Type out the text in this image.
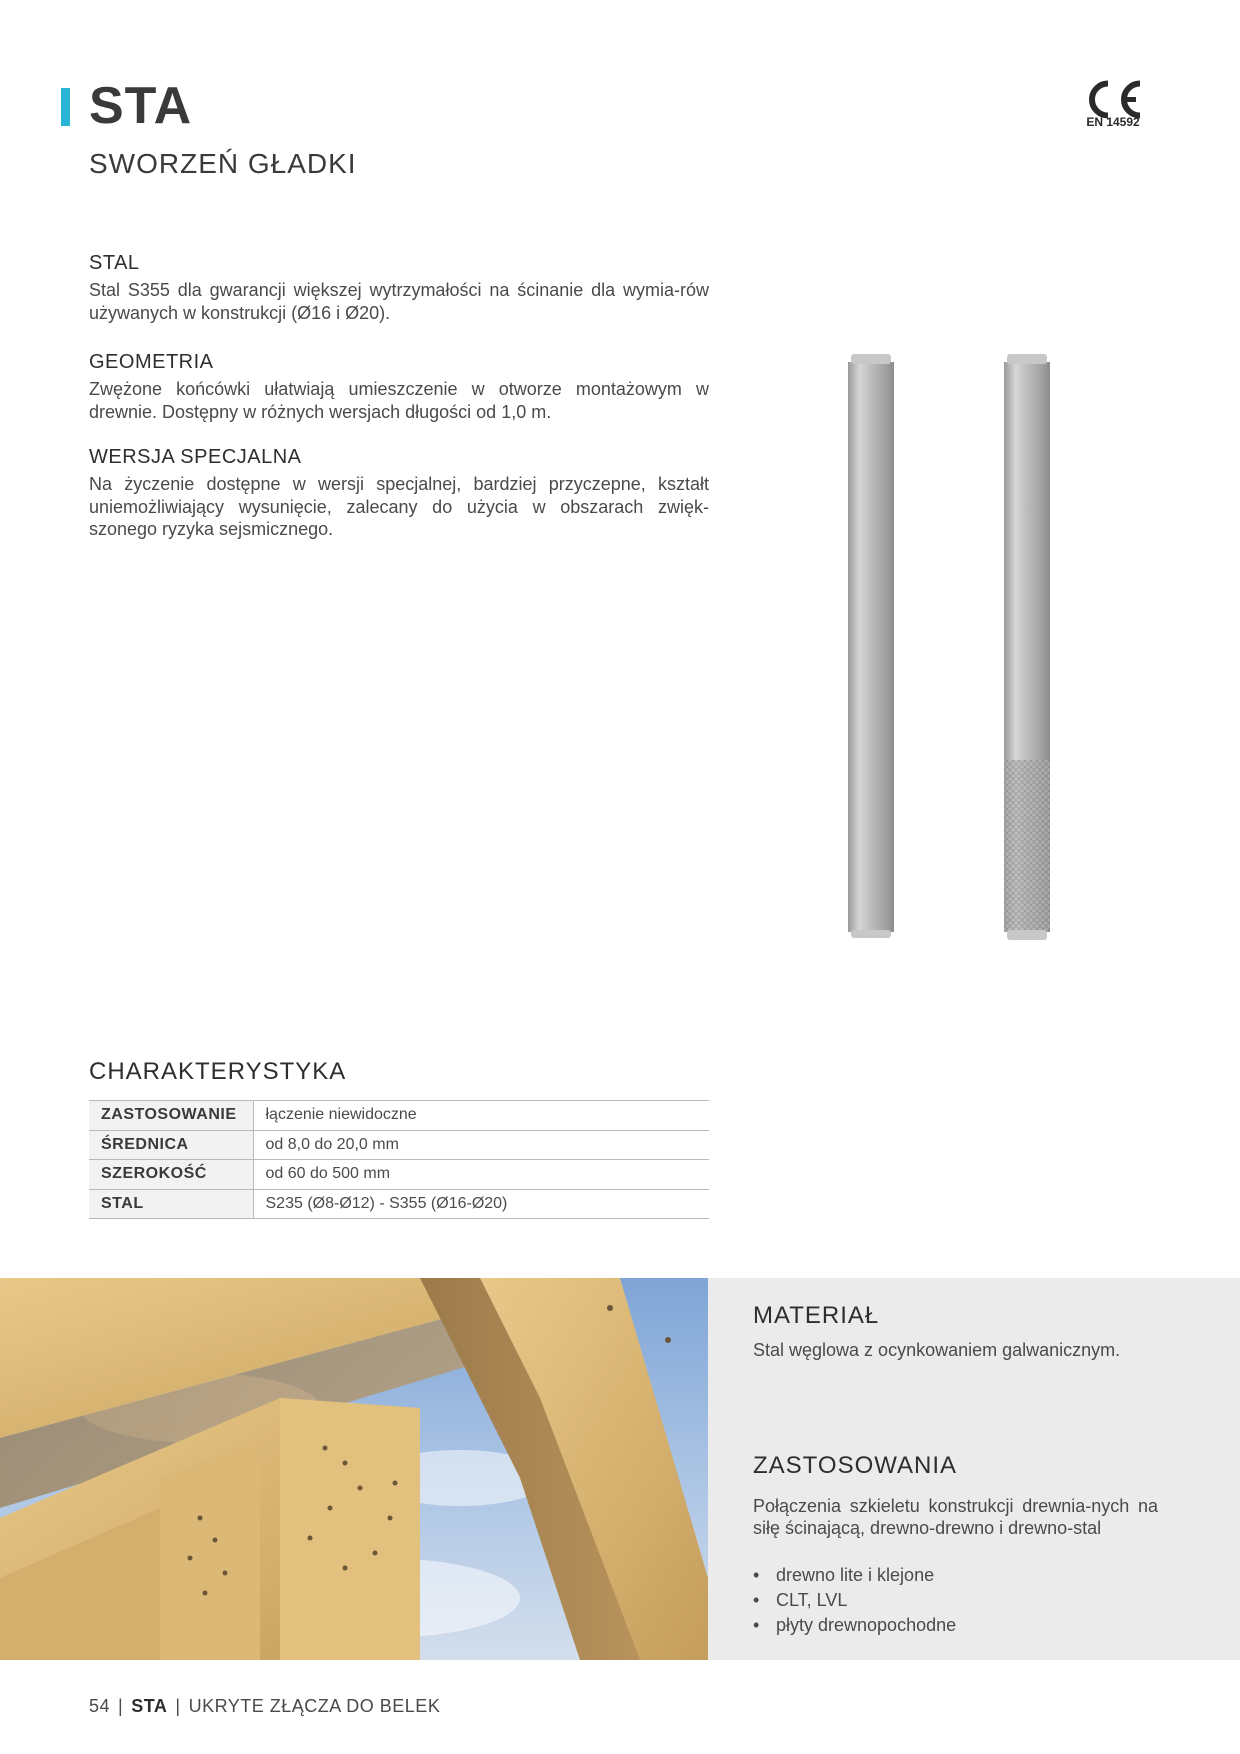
STA
SWORZEŃ GŁADKI
EN 14592
STAL

Stal S355 dla gwarancji większej wytrzymałości na ścinanie dla wymia-rów używanych w konstrukcji (Ø16 i Ø20).

GEOMETRIA

Zwężone końcówki ułatwiają umieszczenie w otworze montażowym w drewnie. Dostępny w różnych wersjach długości od 1,0 m.

WERSJA SPECJALNA

Na życzenie dostępne w wersji specjalnej, bardziej przyczepne, kształt uniemożliwiający wysunięcie, zalecany do użycia w obszarach zwięk-szonego ryzyka sejsmicznego.

CHARAKTERYSTYKA
ZASTOSOWANIE	łączenie niewidoczne
ŚREDNICA	od 8,0 do 20,0 mm
SZEROKOŚĆ	od 60 do 500 mm
STAL	S235 (Ø8-Ø12) - S355 (Ø16-Ø20)
MATERIAŁ
Stal węglowa z ocynkowaniem galwanicznym.
ZASTOSOWANIA
Połączenia szkieletu konstrukcji drewnia-nych na siłę ścinającą, drewno-drewno i drewno-stal
• drewno lite i klejone
• CLT, LVL
• płyty drewnopochodne
54 | STA | UKRYTE ZŁĄCZA DO BELEK
